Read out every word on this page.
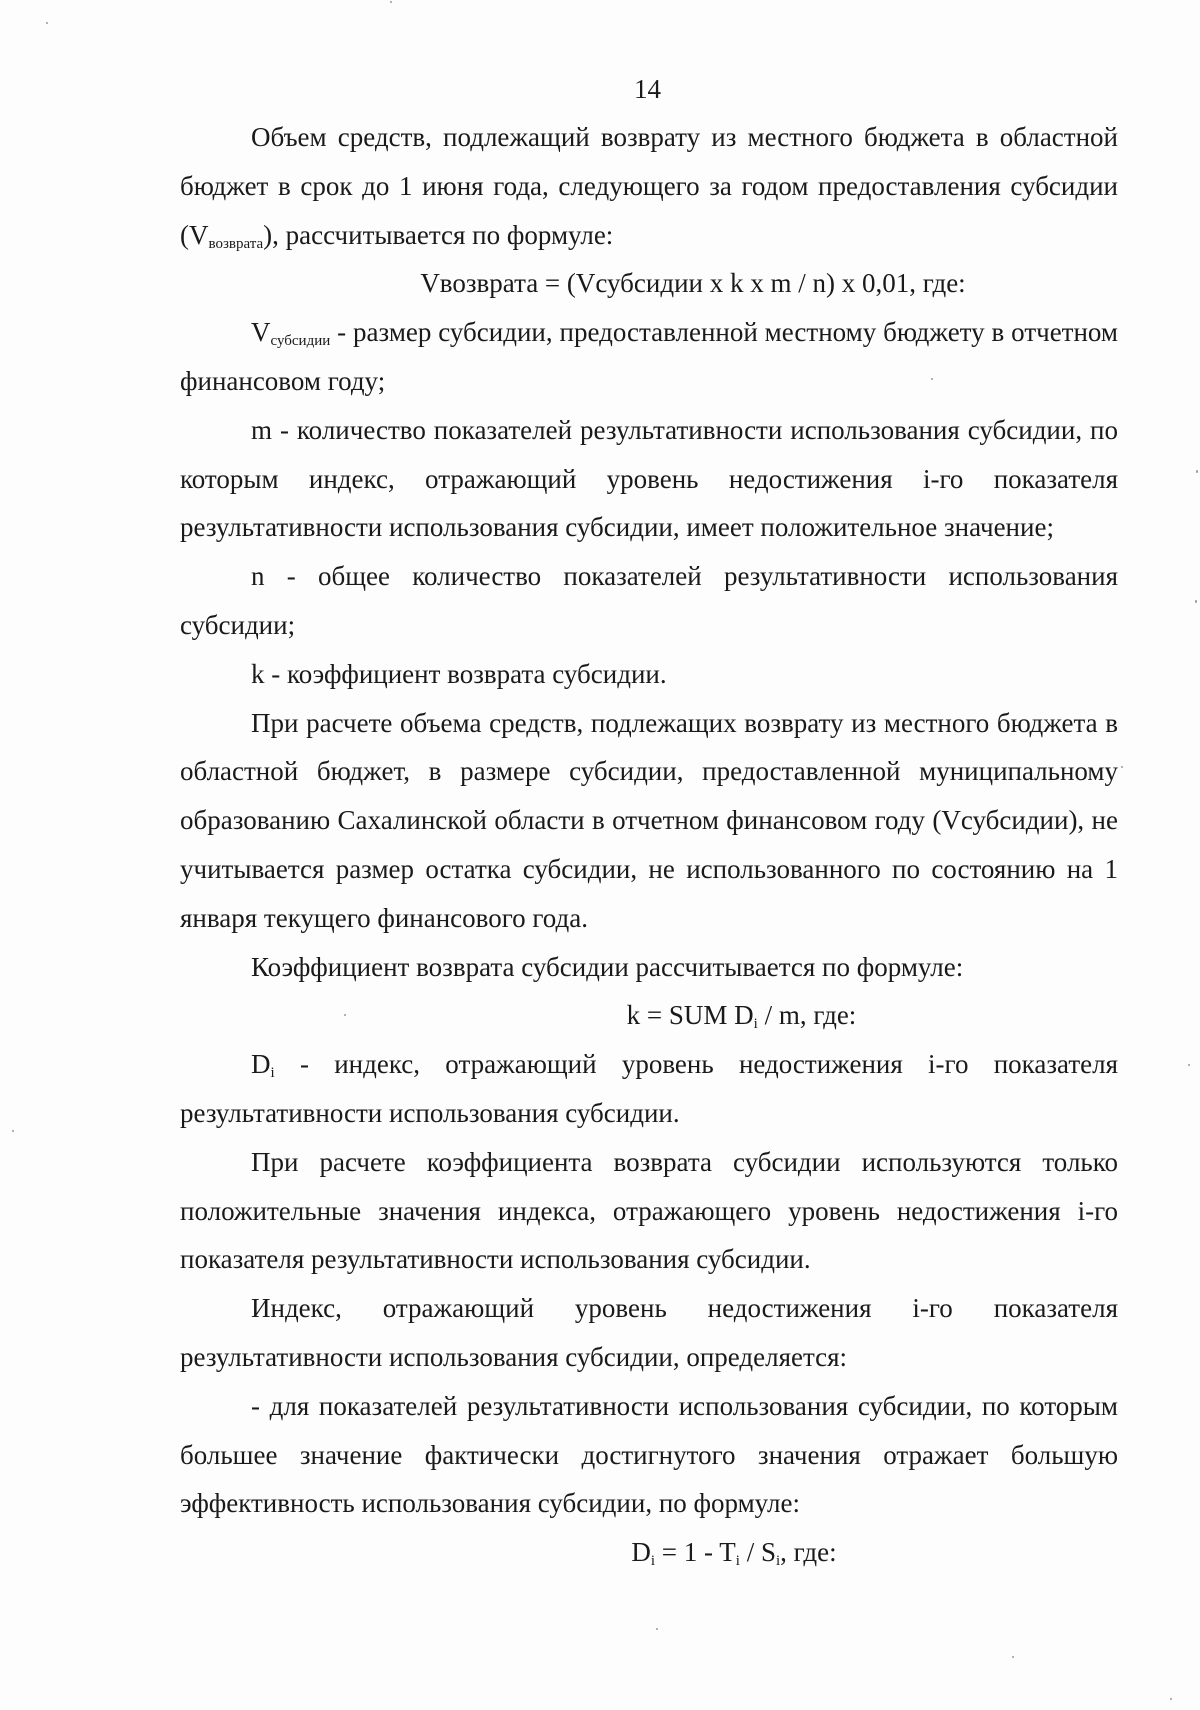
14

Объем средств, подлежащий возврату из местного бюджета в областной бюджет в срок до 1 июня года, следующего за годом предоставления субсидии $(V_{возврата})$, рассчитывается по формуле:

Vвозврата = (Vсубсидии x k x m / n) x 0,01, где:

$V_{субсидии}$ - размер субсидии, предоставленной местному бюджету в отчетном финансовом году;

m - количество показателей результативности использования субсидии, по которым индекс, отражающий уровень недостижения i-го показателя результативности использования субсидии, имеет положительное значение;

n - общее количество показателей результативности использования субсидии;

k - коэффициент возврата субсидии.

При расчете объема средств, подлежащих возврату из местного бюджета в областной бюджет, в размере субсидии, предоставленной муниципальному образованию Сахалинской области в отчетном финансовом году (Vсубсидии), не учитывается размер остатка субсидии, не использованного по состоянию на 1 января текущего финансового года.

Коэффициент возврата субсидии рассчитывается по формуле:

k = SUM $D_i$ / m, где:

$D_i$ - индекс, отражающий уровень недостижения i-го показателя результативности использования субсидии.

При расчете коэффициента возврата субсидии используются только положительные значения индекса, отражающего уровень недостижения i-го показателя результативности использования субсидии.

Индекс, отражающий уровень недостижения i-го показателя результативности использования субсидии, определяется:

- для показателей результативности использования субсидии, по которым большее значение фактически достигнутого значения отражает большую эффективность использования субсидии, по формуле:

$D_i = 1 - T_i / S_i$, где:
